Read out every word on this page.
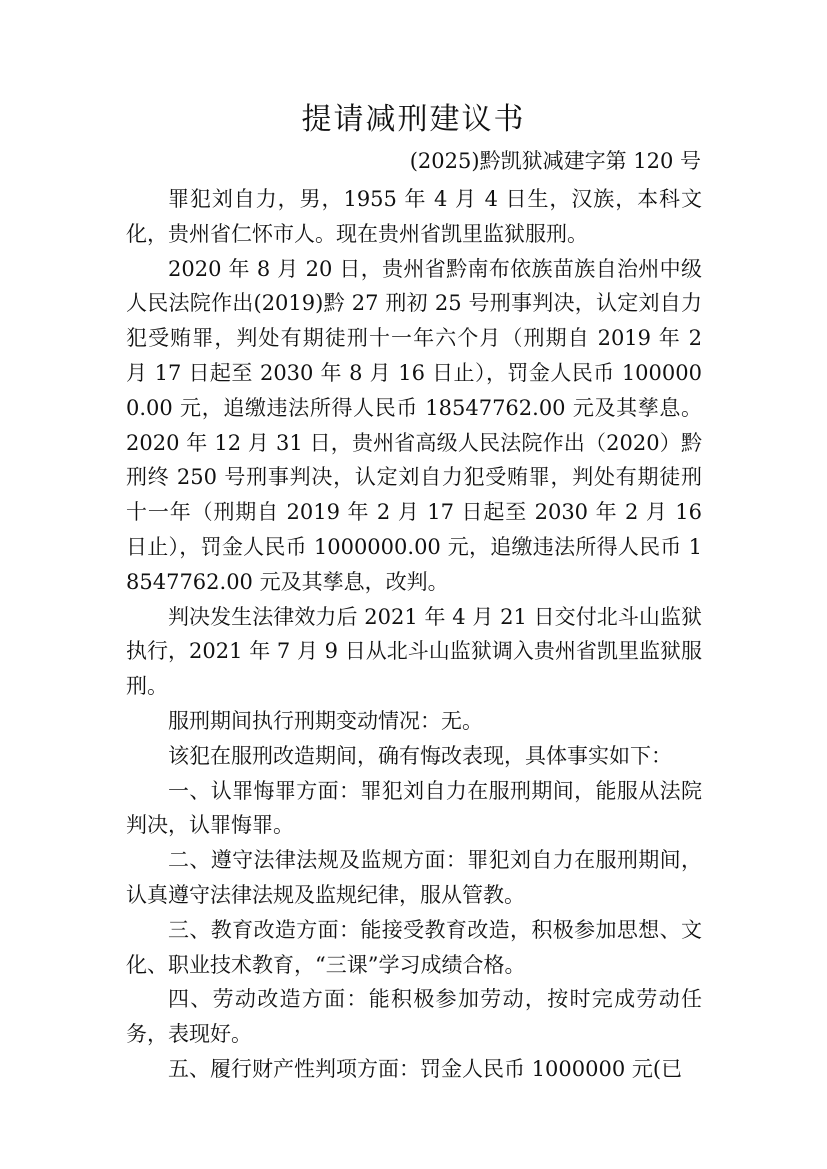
提请减刑建议书
(2025)黔凯狱减建字第 120 号

罪犯刘自力，男，1955 年 4 月 4 日生，汉族，本科文化，贵州省仁怀市人。现在贵州省凯里监狱服刑。

2020 年 8 月 20 日，贵州省黔南布依族苗族自治州中级人民法院作出(2019)黔 27 刑初 25 号刑事判决，认定刘自力犯受贿罪，判处有期徒刑十一年六个月（刑期自 2019 年 2 月 17 日起至 2030 年 8 月 16 日止），罚金人民币 1000000.00 元，追缴违法所得人民币 18547762.00 元及其孳息。2020 年 12 月 31 日，贵州省高级人民法院作出（2020）黔刑终 250 号刑事判决，认定刘自力犯受贿罪，判处有期徒刑十一年（刑期自 2019 年 2 月 17 日起至 2030 年 2 月 16 日止），罚金人民币 1000000.00 元，追缴违法所得人民币 18547762.00 元及其孳息，改判。

判决发生法律效力后 2021 年 4 月 21 日交付北斗山监狱执行，2021 年 7 月 9 日从北斗山监狱调入贵州省凯里监狱服刑。

服刑期间执行刑期变动情况：无。

该犯在服刑改造期间，确有悔改表现，具体事实如下：

一、认罪悔罪方面：罪犯刘自力在服刑期间，能服从法院判决，认罪悔罪。

二、遵守法律法规及监规方面：罪犯刘自力在服刑期间，认真遵守法律法规及监规纪律，服从管教。

三、教育改造方面：能接受教育改造，积极参加思想、文化、职业技术教育，“三课”学习成绩合格。

四、劳动改造方面：能积极参加劳动，按时完成劳动任务，表现好。

五、履行财产性判项方面：罚金人民币 1000000 元(已
